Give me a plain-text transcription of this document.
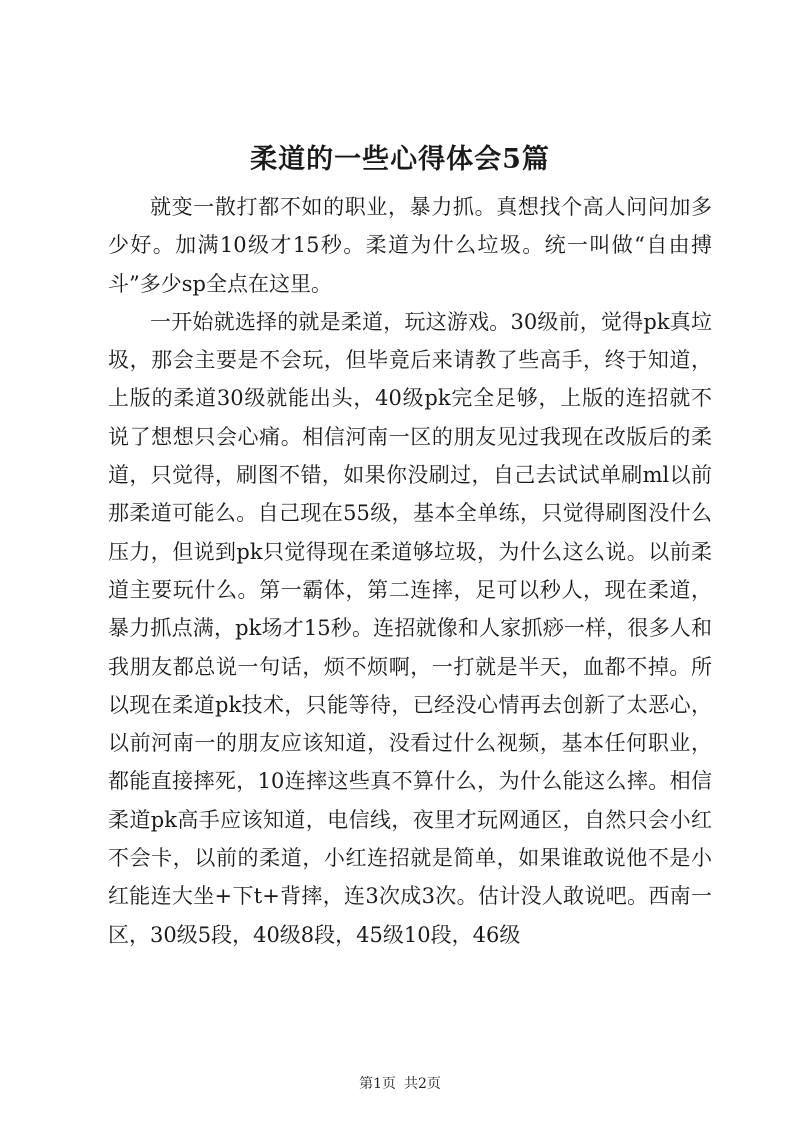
柔道的一些心得体会5篇

就变一散打都不如的职业，暴力抓。真想找个高人问问加多少好。加满10级才15秒。柔道为什么垃圾。统一叫做“自由搏斗”多少sp全点在这里。

一开始就选择的就是柔道，玩这游戏。30级前，觉得pk真垃圾，那会主要是不会玩，但毕竟后来请教了些高手，终于知道，上版的柔道30级就能出头，40级pk完全足够，上版的连招就不说了想想只会心痛。相信河南一区的朋友见过我现在改版后的柔道，只觉得，刷图不错，如果你没刷过，自己去试试单刷ml以前那柔道可能么。自己现在55级，基本全单练，只觉得刷图没什么压力，但说到pk只觉得现在柔道够垃圾，为什么这么说。以前柔道主要玩什么。第一霸体，第二连摔，足可以秒人，现在柔道，暴力抓点满，pk场才15秒。连招就像和人家抓痧一样，很多人和我朋友都总说一句话，烦不烦啊，一打就是半天，血都不掉。所以现在柔道pk技术，只能等待，已经没心情再去创新了太恶心，以前河南一的朋友应该知道，没看过什么视频，基本任何职业，都能直接摔死，10连摔这些真不算什么，为什么能这么摔。相信柔道pk高手应该知道，电信线，夜里才玩网通区，自然只会小红不会卡，以前的柔道，小红连招就是简单，如果谁敢说他不是小红能连大坐+下t+背摔，连3次成3次。估计没人敢说吧。西南一区，30级5段，40级8段，45级10段，46级

第1页 共2页
